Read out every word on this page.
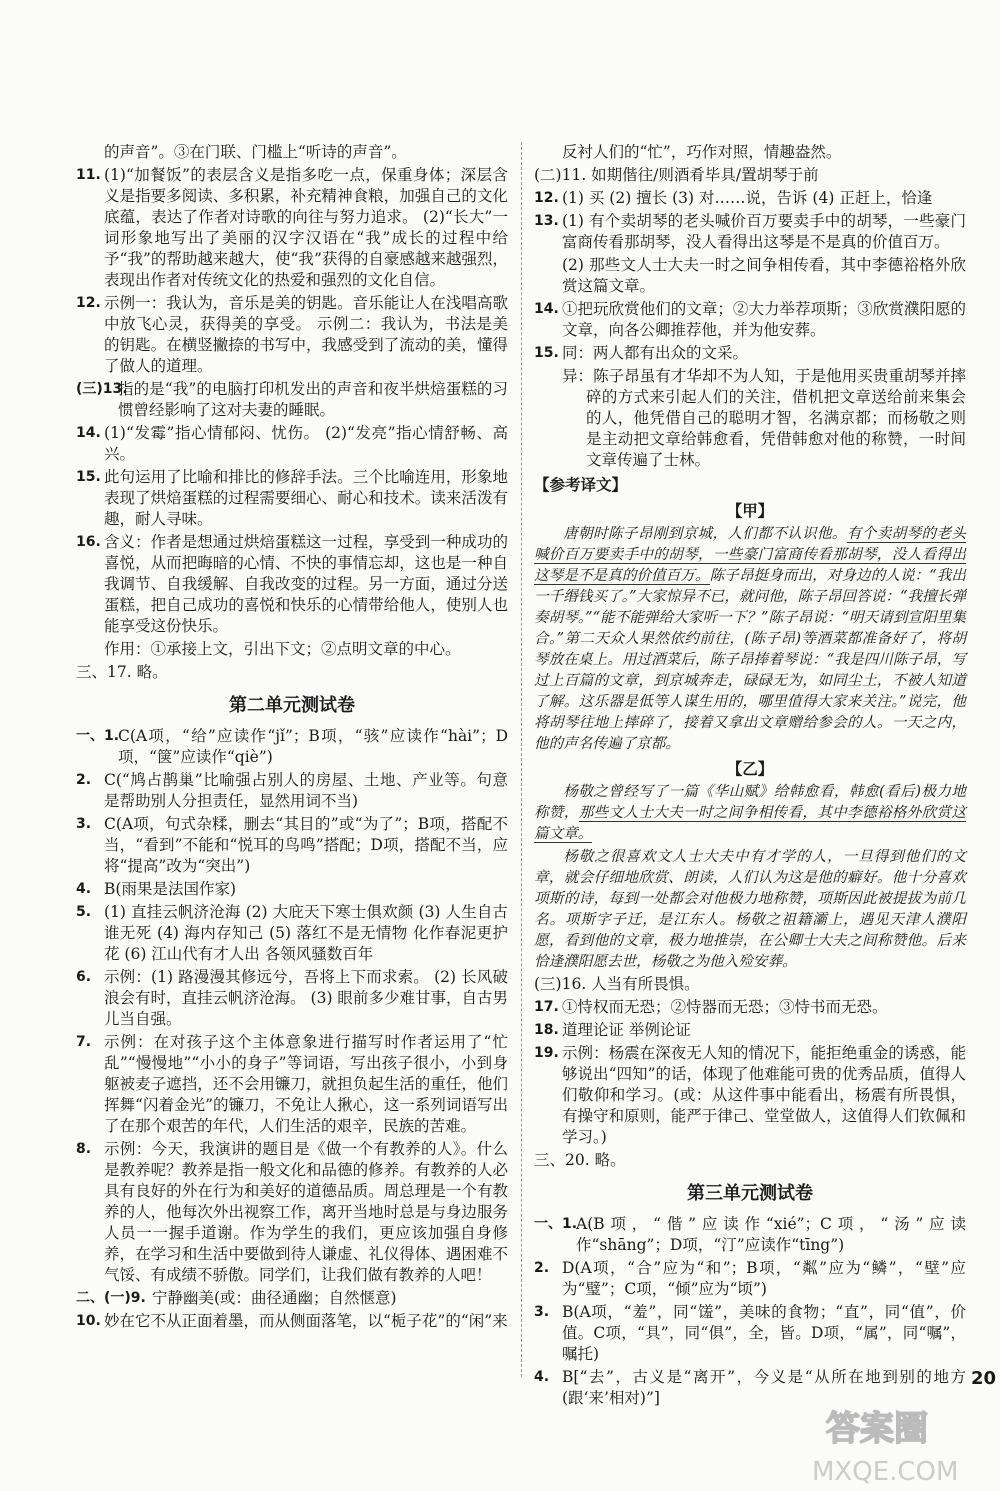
的声音”。③在门联、门槛上“听诗的声音”。

11. (1)“加餐饭”的表层含义是指多吃一点，保重身体；深层含义是指要多阅读、多积累，补充精神食粮，加强自己的文化底蕴，表达了作者对诗歌的向往与努力追求。 (2)“长大”一词形象地写出了美丽的汉字汉语在“我”成长的过程中给予“我”的帮助越来越大，使“我”获得的自豪感越来越强烈，表现出作者对传统文化的热爱和强烈的文化自信。
12. 示例一：我认为，音乐是美的钥匙。音乐能让人在浅唱高歌中放飞心灵，获得美的享受。 示例二：我认为，书法是美的钥匙。在横竖撇捺的书写中，我感受到了流动的美，懂得了做人的道理。
(三)13.
指的是“我”的电脑打印机发出的声音和夜半烘焙蛋糕的习惯曾经影响了这对夫妻的睡眠。
14. (1)“发霉”指心情郁闷、忧伤。 (2)“发亮”指心情舒畅、高兴。
15. 此句运用了比喻和排比的修辞手法。三个比喻连用，形象地表现了烘焙蛋糕的过程需要细心、耐心和技术。读来活泼有趣，耐人寻味。
16. 含义：作者是想通过烘焙蛋糕这一过程，享受到一种成功的喜悦，从而把晦暗的心情、不快的事情忘却，这也是一种自我调节、自我缓解、自我改变的过程。另一方面，通过分送蛋糕，把自己成功的喜悦和快乐的心情带给他人，使别人也能享受这份快乐。

作用：①承接上文，引出下文；②点明文章的中心。

三、17. 略。

第二单元测试卷
一、1.
C(A项，“给”应读作“jǐ”；B项，“骇”应读作“hài”；D项，“箧”应读作“qiè”)
2. C(“鸠占鹊巢”比喻强占别人的房屋、土地、产业等。句意是帮助别人分担责任，显然用词不当)
3. C(A项，句式杂糅，删去“其目的”或“为了”；B项，搭配不当，“看到”不能和“悦耳的鸟鸣”搭配；D项，搭配不当，应将“提高”改为“突出”)
4. B(雨果是法国作家)
5. (1) 直挂云帆济沧海 (2) 大庇天下寒士俱欢颜 (3) 人生自古谁无死 (4) 海内存知己 (5) 落红不是无情物 化作春泥更护花 (6) 江山代有才人出 各领风骚数百年
6. 示例：(1) 路漫漫其修远兮，吾将上下而求索。 (2) 长风破浪会有时，直挂云帆济沧海。 (3) 眼前多少难甘事，自古男儿当自强。
7. 示例：在对孩子这个主体意象进行描写时作者运用了“忙乱”“慢慢地”“小小的身子”等词语，写出孩子很小，小到身躯被麦子遮挡，还不会用镰刀，就担负起生活的重任，他们挥舞“闪着金光”的镰刀，不免让人揪心，这一系列词语写出了在那个艰苦的年代，人们生活的艰辛，民族的苦难。
8. 示例：今天，我演讲的题目是《做一个有教养的人》。什么是教养呢？教养是指一般文化和品德的修养。有教养的人必具有良好的外在行为和美好的道德品质。周总理是一个有教养的人，他每次外出视察工作，离开当地时总是与身边服务人员一一握手道谢。作为学生的我们，更应该加强自身修养，在学习和生活中要做到待人谦虚、礼仪得体、遇困难不气馁、有成绩不骄傲。同学们，让我们做有教养的人吧！
二、(一)9. 宁静幽美(或：曲径通幽；自然惬意)
10. 妙在它不从正面着墨，而从侧面落笔，以“栀子花”的“闲”来

反衬人们的“忙”，巧作对照，情趣盎然。

(二)11. 如期偕往/则酒肴毕具/置胡琴于前

12. (1) 买 (2) 擅长 (3) 对……说，告诉 (4) 正赶上，恰逢
13. (1) 有个卖胡琴的老头喊价百万要卖手中的胡琴，一些豪门富商传看那胡琴，没人看得出这琴是不是真的价值百万。

(2) 那些文人士大夫一时之间争相传看，其中李德裕格外欣赏这篇文章。

14. ①把玩欣赏他们的文章；②大力举荐项斯；③欣赏濮阳愿的文章，向各公卿推荐他，并为他安葬。
15. 同：两人都有出众的文采。

异：陈子昂虽有才华却不为人知，于是他用买贵重胡琴并摔碎的方式来引起人们的关注，借机把文章送给前来集会的人，他凭借自己的聪明才智，名满京都；而杨敬之则是主动把文章给韩愈看，凭借韩愈对他的称赞，一时间文章传遍了士林。

【参考译文】
【甲】

唐朝时陈子昂刚到京城，人们都不认识他。有个卖胡琴的老头喊价百万要卖手中的胡琴，一些豪门富商传看那胡琴，没人看得出这琴是不是真的价值百万。陈子昂挺身而出，对身边的人说：“我出一千缗钱买了。”大家惊异不已，就问他，陈子昂回答说：“我擅长弹奏胡琴。”“能不能弹给大家听一下？”陈子昂说：“明天请到宣阳里集合。”第二天众人果然依约前往，(陈子昂)等酒菜都准备好了，将胡琴放在桌上。用过酒菜后，陈子昂捧着琴说：“我是四川陈子昂，写过上百篇的文章，到京城奔走，碌碌无为，如同尘土，不被人知道了解。这乐器是低等人谋生用的，哪里值得大家来关注。”说完，他将胡琴往地上摔碎了，接着又拿出文章赠给参会的人。一天之内，他的声名传遍了京都。

【乙】

杨敬之曾经写了一篇《华山赋》给韩愈看，韩愈(看后)极力地称赞，那些文人士大夫一时之间争相传看，其中李德裕格外欣赏这篇文章。

杨敬之很喜欢文人士大夫中有才学的人，一旦得到他们的文章，就会仔细地欣赏、朗读，人们认为这是他的癖好。他十分喜欢项斯的诗，每到一处都会对他极力地称赞，项斯因此被提拔为前几名。项斯字子迁，是江东人。杨敬之祖籍灞上，遇见天津人濮阳愿，看到他的文章，极力地推崇，在公卿士大夫之间称赞他。后来恰逢濮阳愿去世，杨敬之为他入殓安葬。

(三)16. 人当有所畏惧。

17. ①恃权而无恐；②恃器而无恐；③恃书而无恐。
18. 道理论证 举例论证
19. 示例：杨震在深夜无人知的情况下，能拒绝重金的诱惑，能够说出“四知”的话，体现了他难能可贵的优秀品质，值得人们敬仰和学习。(或：从这件事中能看出，杨震有所畏惧，有操守和原则，能严于律己、堂堂做人，这值得人们钦佩和学习。)

三、20. 略。

第三单元测试卷
一、1.
A(B项，“偕”应读作“xié”；C项，“汤”应读作“shāng”；D项，“汀”应读作“tīng”)
2. D(A项，“合”应为“和”；B项，“粼”应为“鳞”，“壁”应为“璧”；C项，“倾”应为“顷”)
3. B(A项，“羞”，同“馐”，美味的食物；“直”，同“值”，价值。C项，“具”，同“俱”，全，皆。D项，“属”，同“嘱”，嘱托)
4. B[“去”，古义是“离开”，今义是“从所在地到别的地方(跟‘来’相对)”]
20
答案圈
MXQE.COM
